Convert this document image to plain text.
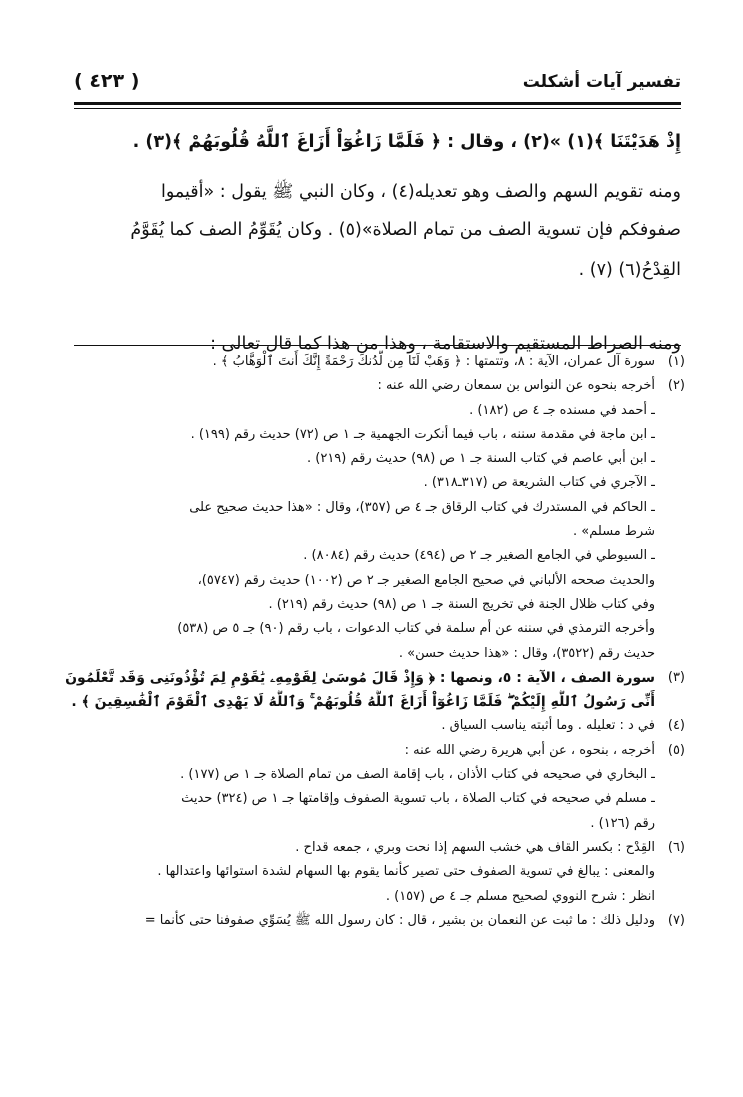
تفسير آيات أشكلت
( ٤٢٣ )

إِذْ هَدَيْتَنَا ﴾(١) »(٢) ، وقال : ﴿ فَلَمَّا زَاغُوٓاْ أَزَاغَ ٱللَّهُ قُلُوبَهُمْ ﴾(٣) .

ومنه تقويم السهم والصف وهو تعديله(٤) ، وكان النبي ﷺ يقول : «أقيموا

صفوفكم فإن تسوية الصف من تمام الصلاة»(٥) . وكان يُقَوِّمُ الصف كما يُقَوَّمُ

القِدْحُ(٦) (٧) .

ومنه الصراط المستقيم والاستقامة ، وهذا من هذا كما قال تعالى :

(١)
سورة آل عمران، الآية : ٨، وتتمتها : ﴿ وَهَبْ لَنَا مِن لَّدُنكَ رَحْمَةً إِنَّكَ أَنتَ ٱلْوَهَّابُ ﴾ .
(٢)
أخرجه بنحوه عن النواس بن سمعان رضي الله عنه :
ـ أحمد في مسنده جـ ٤ ص (١٨٢) .
ـ ابن ماجة في مقدمة سننه ، باب فيما أنكرت الجهمية جـ ١ ص (٧٢) حديث رقم (١٩٩) .
ـ ابن أبي عاصم في كتاب السنة جـ ١ ص (٩٨) حديث رقم (٢١٩) .
ـ الآجري في كتاب الشريعة ص (٣١٧ـ٣١٨) .
ـ الحاكم في المستدرك في كتاب الرقاق جـ ٤ ص (٣٥٧)، وقال : «هذا حديث صحيح على
شرط مسلم» .
ـ السيوطي في الجامع الصغير جـ ٢ ص (٤٩٤) حديث رقم (٨٠٨٤) .
والحديث صححه الألباني في صحيح الجامع الصغير جـ ٢ ص (١٠٠٢) حديث رقم (٥٧٤٧)،
وفي كتاب ظلال الجنة في تخريج السنة جـ ١ ص (٩٨) حديث رقم (٢١٩) .
وأخرجه الترمذي في سننه عن أم سلمة في كتاب الدعوات ، باب رقم (٩٠) جـ ٥ ص (٥٣٨)
حديث رقم (٣٥٢٢)، وقال : «هذا حديث حسن» .
(٣)
سورة الصف ، الآية : ٥، ونصها : ﴿ وَإِذْ قَالَ مُوسَىٰ لِقَوْمِهِۦ يَٰقَوْمِ لِمَ تُؤْذُونَنِى وَقَد تَّعْلَمُونَ
أَنِّى رَسُولُ ٱللَّهِ إِلَيْكُمْ ۖ فَلَمَّا زَاغُوٓاْ أَزَاغَ ٱللَّهُ قُلُوبَهُمْ ۚ وَٱللَّهُ لَا يَهْدِى ٱلْقَوْمَ ٱلْفَٰسِقِينَ ﴾ .
(٤)
في د : تعليله . وما أثبته يناسب السياق .
(٥)
أخرجه ، بنحوه ، عن أبي هريرة رضي الله عنه :
ـ البخاري في صحيحه في كتاب الأذان ، باب إقامة الصف من تمام الصلاة جـ ١ ص (١٧٧) .
ـ مسلم في صحيحه في كتاب الصلاة ، باب تسوية الصفوف وإقامتها جـ ١ ص (٣٢٤) حديث
رقم (١٢٦) .
(٦)
القِدْح : بكسر القاف هي خشب السهم إذا نحت وبري ، جمعه قداح .
والمعنى : يبالغ في تسوية الصفوف حتى تصير كأنما يقوم بها السهام لشدة استوائها واعتدالها .
انظر : شرح النووي لصحيح مسلم جـ ٤ ص (١٥٧) .
(٧)
ودليل ذلك : ما ثبت عن النعمان بن بشير ، قال : كان رسول الله ﷺ يُسَوِّي صفوفنا حتى كأنما =
